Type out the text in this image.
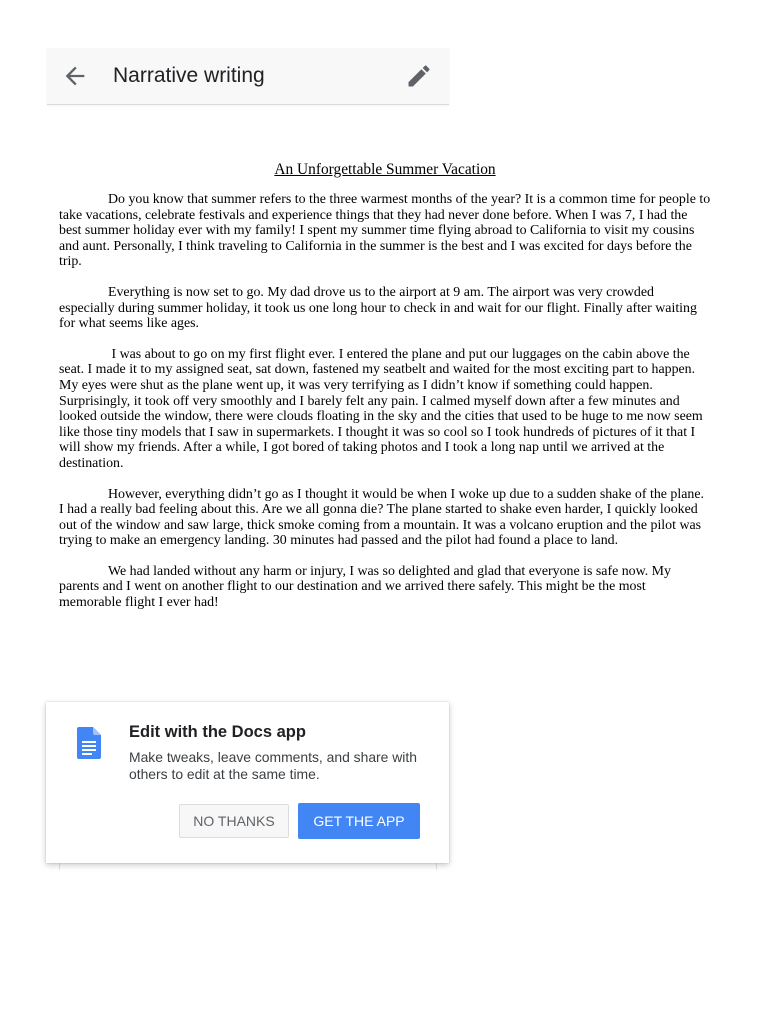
Narrative writing
An Unforgettable Summer Vacation

Do you know that summer refers to the three warmest months of the year? It is a common time for people to take vacations, celebrate festivals and experience things that they had never done before. When I was 7, I had the best summer holiday ever with my family! I spent my summer time flying abroad to California to visit my cousins and aunt. Personally, I think traveling to California in the summer is the best and I was excited for days before the trip.

Everything is now set to go. My dad drove us to the airport at 9 am. The airport was very crowded especially during summer holiday, it took us one long hour to check in and wait for our flight. Finally after waiting for what seems like ages.

I was about to go on my first flight ever. I entered the plane and put our luggages on the cabin above the seat. I made it to my assigned seat, sat down, fastened my seatbelt and waited for the most exciting part to happen. My eyes were shut as the plane went up, it was very terrifying as I didn’t know if something could happen. Surprisingly, it took off very smoothly and I barely felt any pain. I calmed myself down after a few minutes and looked outside the window, there were clouds floating in the sky and the cities that used to be huge to me now seem like those tiny models that I saw in supermarkets. I thought it was so cool so I took hundreds of pictures of it that I will show my friends. After a while, I got bored of taking photos and I took a long nap until we arrived at the destination.

However, everything didn’t go as I thought it would be when I woke up due to a sudden shake of the plane. I had a really bad feeling about this. Are we all gonna die? The plane started to shake even harder, I quickly looked out of the window and saw large, thick smoke coming from a mountain. It was a volcano eruption and the pilot was trying to make an emergency landing. 30 minutes had passed and the pilot had found a place to land.

We had landed without any harm or injury, I was so delighted and glad that everyone is safe now. My parents and I went on another flight to our destination and we arrived there safely. This might be the most memorable flight I ever had!

Edit with the Docs app
Make tweaks, leave comments, and share with others to edit at the same time.
NO THANKS	GET THE APP
